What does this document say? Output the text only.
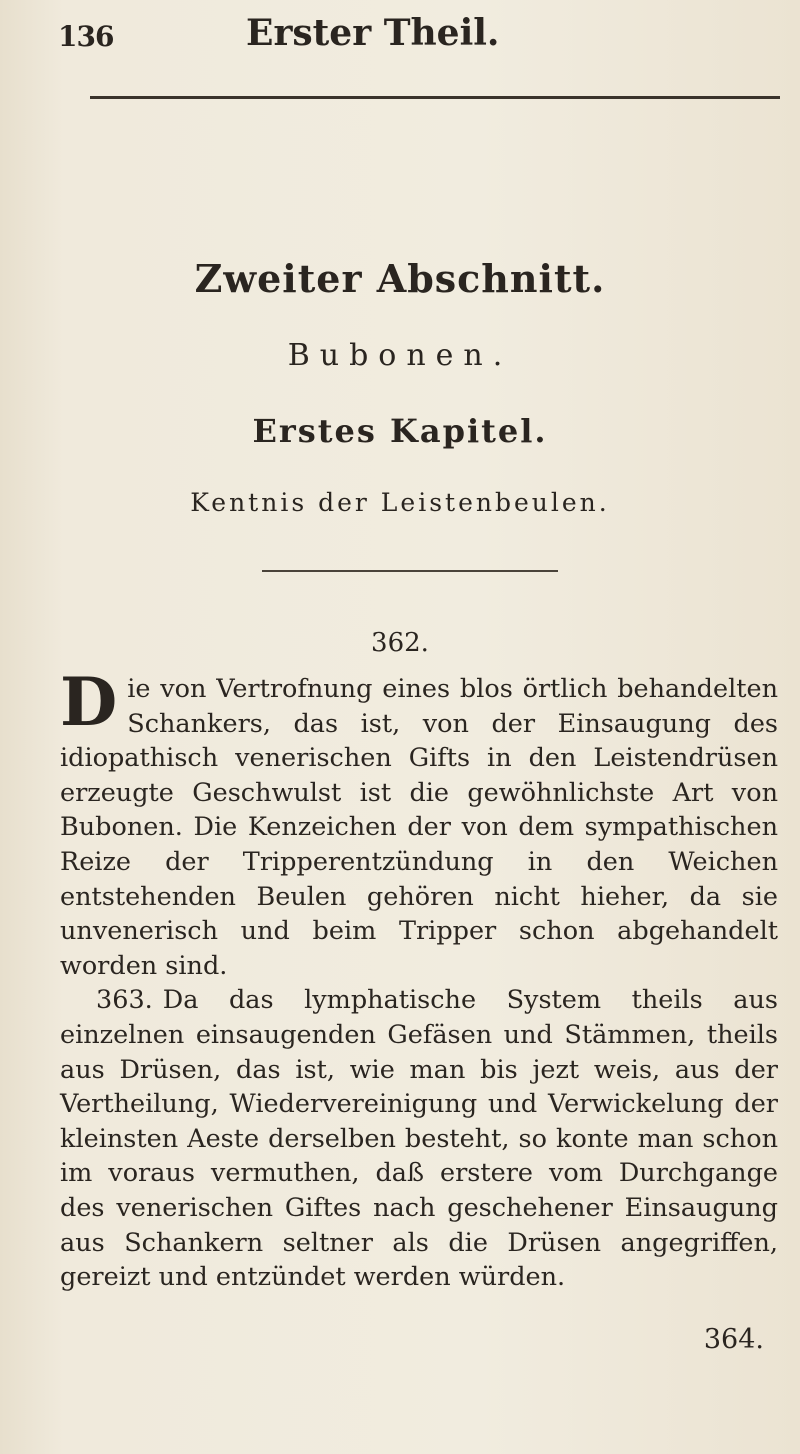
136	Erster Theil.
Zweiter Abschnitt.
Bubonen.
Erstes Kapitel.
Kentnis der Leistenbeulen.
362.

Die von Vertrofnung eines blos örtlich behandelten Schankers, das ist, von der Einsaugung des idiopathisch venerischen Gifts in den Leistendrüsen erzeugte Geschwulst ist die gewöhnlichste Art von Bubonen. Die Kenzeichen der von dem sympathischen Reize der Tripperentzündung in den Weichen entstehenden Beulen gehören nicht hieher, da sie unvenerisch und beim Tripper schon abgehandelt worden sind.

363. Da das lymphatische System theils aus einzelnen einsaugenden Gefäsen und Stämmen, theils aus Drüsen, das ist, wie man bis jezt weis, aus der Vertheilung, Wiedervereinigung und Verwickelung der kleinsten Aeste derselben besteht, so konte man schon im voraus vermuthen, daß erstere vom Durchgange des venerischen Giftes nach geschehener Einsaugung aus Schankern seltner als die Drüsen angegriffen, gereizt und entzündet werden würden.

364.
